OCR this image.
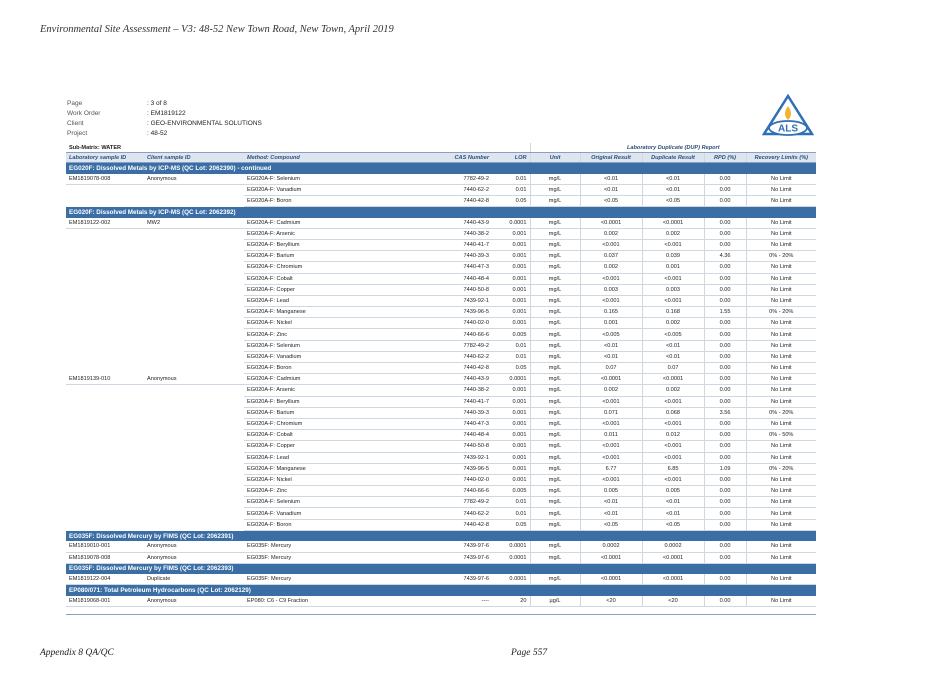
Environmental Site Assessment – V3: 48-52 New Town Road, New Town, April 2019
Page	: 3 of 8
Work Order	: EM1819122
Client	: GEO-ENVIRONMENTAL SOLUTIONS
Project	: 48-52	ALS
Sub-Matrix: WATER					Laboratory Duplicate (DUP) Report				
Laboratory sample ID	Client sample ID	Method: Compound	CAS Number	LOR	Unit	Original Result	Duplicate Result	RPD (%)	Recovery Limits (%)
EG020F: Dissolved Metals by ICP-MS (QC Lot: 2062390) - continued									
EM1819078-008	Anonymous	EG020A-F: Selenium	7782-49-2	0.01	mg/L	<0.01	<0.01	0.00	No Limit
		EG020A-F: Vanadium	7440-62-2	0.01	mg/L	<0.01	<0.01	0.00	No Limit
		EG020A-F: Boron	7440-42-8	0.05	mg/L	<0.05	<0.05	0.00	No Limit
EG020F: Dissolved Metals by ICP-MS (QC Lot: 2062392)									
EM1819122-002	MW2	EG020A-F: Cadmium	7440-43-9	0.0001	mg/L	<0.0001	<0.0001	0.00	No Limit
		EG020A-F: Arsenic	7440-38-2	0.001	mg/L	0.002	0.002	0.00	No Limit
		EG020A-F: Beryllium	7440-41-7	0.001	mg/L	<0.001	<0.001	0.00	No Limit
		EG020A-F: Barium	7440-39-3	0.001	mg/L	0.037	0.039	4.36	0% - 20%
		EG020A-F: Chromium	7440-47-3	0.001	mg/L	0.002	0.001	0.00	No Limit
		EG020A-F: Cobalt	7440-48-4	0.001	mg/L	<0.001	<0.001	0.00	No Limit
		EG020A-F: Copper	7440-50-8	0.001	mg/L	0.003	0.003	0.00	No Limit
		EG020A-F: Lead	7439-92-1	0.001	mg/L	<0.001	<0.001	0.00	No Limit
		EG020A-F: Manganese	7439-96-5	0.001	mg/L	0.165	0.168	1.55	0% - 20%
		EG020A-F: Nickel	7440-02-0	0.001	mg/L	0.001	0.002	0.00	No Limit
		EG020A-F: Zinc	7440-66-6	0.005	mg/L	<0.005	<0.005	0.00	No Limit
		EG020A-F: Selenium	7782-49-2	0.01	mg/L	<0.01	<0.01	0.00	No Limit
		EG020A-F: Vanadium	7440-62-2	0.01	mg/L	<0.01	<0.01	0.00	No Limit
		EG020A-F: Boron	7440-42-8	0.05	mg/L	0.07	0.07	0.00	No Limit
EM1819139-010	Anonymous	EG020A-F: Cadmium	7440-43-9	0.0001	mg/L	<0.0001	<0.0001	0.00	No Limit
		EG020A-F: Arsenic	7440-38-2	0.001	mg/L	0.002	0.002	0.00	No Limit
		EG020A-F: Beryllium	7440-41-7	0.001	mg/L	<0.001	<0.001	0.00	No Limit
		EG020A-F: Barium	7440-39-3	0.001	mg/L	0.071	0.068	3.56	0% - 20%
		EG020A-F: Chromium	7440-47-3	0.001	mg/L	<0.001	<0.001	0.00	No Limit
		EG020A-F: Cobalt	7440-48-4	0.001	mg/L	0.011	0.012	0.00	0% - 50%
		EG020A-F: Copper	7440-50-8	0.001	mg/L	<0.001	<0.001	0.00	No Limit
		EG020A-F: Lead	7439-92-1	0.001	mg/L	<0.001	<0.001	0.00	No Limit
		EG020A-F: Manganese	7439-96-5	0.001	mg/L	6.77	6.85	1.09	0% - 20%
		EG020A-F: Nickel	7440-02-0	0.001	mg/L	<0.001	<0.001	0.00	No Limit
		EG020A-F: Zinc	7440-66-6	0.005	mg/L	0.005	0.005	0.00	No Limit
		EG020A-F: Selenium	7782-49-2	0.01	mg/L	<0.01	<0.01	0.00	No Limit
		EG020A-F: Vanadium	7440-62-2	0.01	mg/L	<0.01	<0.01	0.00	No Limit
		EG020A-F: Boron	7440-42-8	0.05	mg/L	<0.05	<0.05	0.00	No Limit
EG035F: Dissolved Mercury by FIMS (QC Lot: 2062391)									
EM1819010-001	Anonymous	EG035F: Mercury	7439-97-6	0.0001	mg/L	0.0002	0.0002	0.00	No Limit
EM1819078-008	Anonymous	EG035F: Mercury	7439-97-6	0.0001	mg/L	<0.0001	<0.0001	0.00	No Limit
EG035F: Dissolved Mercury by FIMS (QC Lot: 2062393)									
EM1819122-004	Duplicate	EG035F: Mercury	7439-97-6	0.0001	mg/L	<0.0001	<0.0001	0.00	No Limit
EP080/071: Total Petroleum Hydrocarbons (QC Lot: 2062129)									
EM1819068-001	Anonymous	EP080: C6 - C9 Fraction	----	20	µg/L	<20	<20	0.00	No Limit
Appendix 8 QA/QC	Page 557
